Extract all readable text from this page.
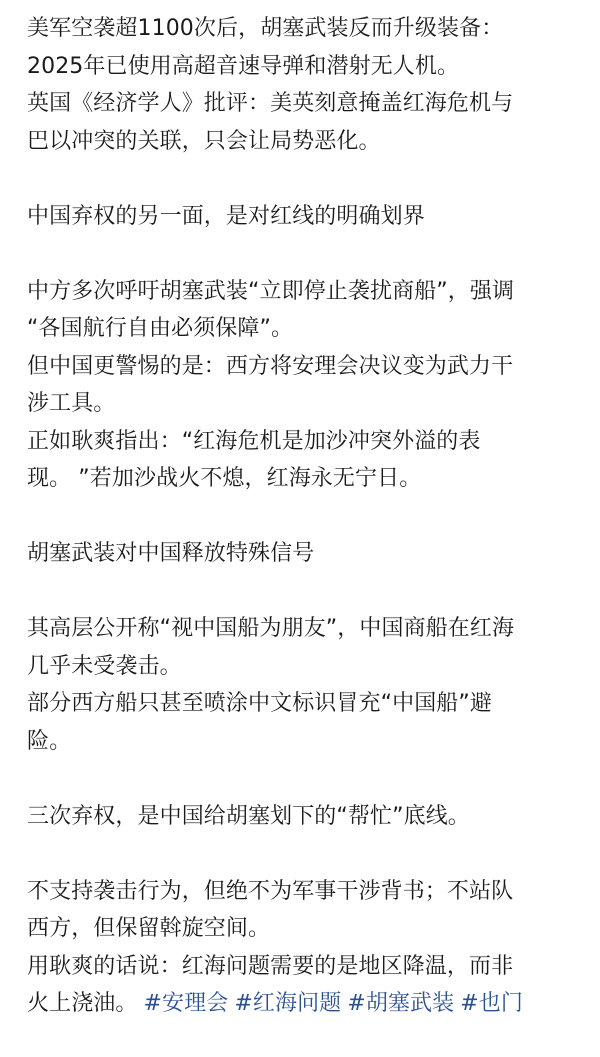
美军空袭超1100次后，胡塞武装反而升级装备：
2025年已使用高超音速导弹和潜射无人机。
英国《经济学人》批评：美英刻意掩盖红海危机与
巴以冲突的关联，只会让局势恶化。
中国弃权的另一面，是对红线的明确划界
中方多次呼吁胡塞武装“立即停止袭扰商船”，强调
“各国航行自由必须保障”。
但中国更警惕的是：西方将安理会决议变为武力干
涉工具。
正如耿爽指出：“红海危机是加沙冲突外溢的表
现。 ”若加沙战火不熄，红海永无宁日。
胡塞武装对中国释放特殊信号
其高层公开称“视中国船为朋友”，中国商船在红海
几乎未受袭击。
部分西方船只甚至喷涂中文标识冒充“中国船”避
险。
三次弃权，是中国给胡塞划下的“帮忙”底线。
不支持袭击行为，但绝不为军事干涉背书；不站队
西方，但保留斡旋空间。
用耿爽的话说：红海问题需要的是地区降温，而非
火上浇油。 #安理会 #红海问题 #胡塞武装 #也门
